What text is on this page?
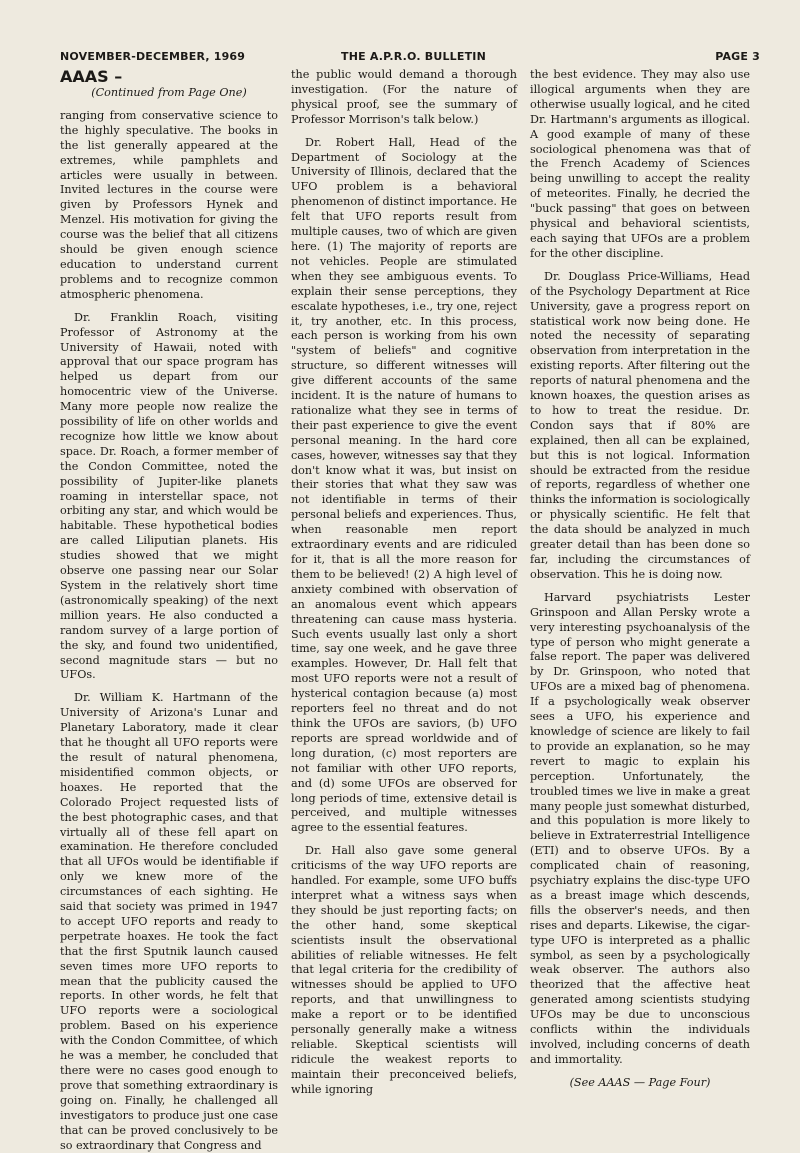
NOVEMBER-DECEMBER, 1969	THE A.P.R.O. BULLETIN	PAGE 3
AAAS –

(Continued from Page One)

ranging from conservative science to the highly speculative. The books in the list generally appeared at the extremes, while pamphlets and articles were usually in between. Invited lectures in the course were given by Professors Hynek and Menzel. His motivation for giving the course was the belief that all citizens should be given enough science education to understand current problems and to recognize common atmospheric phenomena.

Dr. Franklin Roach, visiting Professor of Astronomy at the University of Hawaii, noted with approval that our space program has helped us depart from our homocentric view of the Universe. Many more people now realize the possibility of life on other worlds and recognize how little we know about space. Dr. Roach, a former member of the Condon Committee, noted the possibility of Jupiter-like planets roaming in interstellar space, not orbiting any star, and which would be habitable. These hypothetical bodies are called Liliputian planets. His studies showed that we might observe one passing near our Solar System in the relatively short time (astronomically speaking) of the next million years. He also conducted a random survey of a large portion of the sky, and found two unidentified, second magnitude stars — but no UFOs.

Dr. William K. Hartmann of the University of Arizona's Lunar and Planetary Laboratory, made it clear that he thought all UFO reports were the result of natural phenomena, misidentified common objects, or hoaxes. He reported that the Colorado Project requested lists of the best photographic cases, and that virtually all of these fell apart on examination. He therefore concluded that all UFOs would be identifiable if only we knew more of the circumstances of each sighting. He said that society was primed in 1947 to accept UFO reports and ready to perpetrate hoaxes. He took the fact that the first Sputnik launch caused seven times more UFO reports to mean that the publicity caused the reports. In other words, he felt that UFO reports were a sociological problem. Based on his experience with the Condon Committee, of which he was a member, he concluded that there were no cases good enough to prove that something extraordinary is going on. Finally, he challenged all investigators to produce just one case that can be proved conclusively to be so extraordinary that Congress and

the public would demand a thorough investigation. (For the nature of physical proof, see the summary of Professor Morrison's talk below.)

Dr. Robert Hall, Head of the Department of Sociology at the University of Illinois, declared that the UFO problem is a behavioral phenomenon of distinct importance. He felt that UFO reports result from multiple causes, two of which are given here. (1) The majority of reports are not vehicles. People are stimulated when they see ambiguous events. To explain their sense perceptions, they escalate hypotheses, i.e., try one, reject it, try another, etc. In this process, each person is working from his own "system of beliefs" and cognitive structure, so different witnesses will give different accounts of the same incident. It is the nature of humans to rationalize what they see in terms of their past experience to give the event personal meaning. In the hard core cases, however, witnesses say that they don't know what it was, but insist on their stories that what they saw was not identifiable in terms of their personal beliefs and experiences. Thus, when reasonable men report extraordinary events and are ridiculed for it, that is all the more reason for them to be believed! (2) A high level of anxiety combined with observation of an anomalous event which appears threatening can cause mass hysteria. Such events usually last only a short time, say one week, and he gave three examples. However, Dr. Hall felt that most UFO reports were not a result of hysterical contagion because (a) most reporters feel no threat and do not think the UFOs are saviors, (b) UFO reports are spread worldwide and of long duration, (c) most reporters are not familiar with other UFO reports, and (d) some UFOs are observed for long periods of time, extensive detail is perceived, and multiple witnesses agree to the essential features.

Dr. Hall also gave some general criticisms of the way UFO reports are handled. For example, some UFO buffs interpret what a witness says when they should be just reporting facts; on the other hand, some skeptical scientists insult the observational abilities of reliable witnesses. He felt that legal criteria for the credibility of witnesses should be applied to UFO reports, and that unwillingness to make a report or to be identified personally generally make a witness reliable. Skeptical scientists will ridicule the weakest reports to maintain their preconceived beliefs, while ignoring

the best evidence. They may also use illogical arguments when they are otherwise usually logical, and he cited Dr. Hartmann's arguments as illogical. A good example of many of these sociological phenomena was that of the French Academy of Sciences being unwilling to accept the reality of meteorites. Finally, he decried the "buck passing" that goes on between physical and behavioral scientists, each saying that UFOs are a problem for the other discipline.

Dr. Douglass Price-Williams, Head of the Psychology Department at Rice University, gave a progress report on statistical work now being done. He noted the necessity of separating observation from interpretation in the existing reports. After filtering out the reports of natural phenomena and the known hoaxes, the question arises as to how to treat the residue. Dr. Condon says that if 80% are explained, then all can be explained, but this is not logical. Information should be extracted from the residue of reports, regardless of whether one thinks the information is sociologically or physically scientific. He felt that the data should be analyzed in much greater detail than has been done so far, including the circumstances of observation. This he is doing now.

Harvard psychiatrists Lester Grinspoon and Allan Persky wrote a very interesting psychoanalysis of the type of person who might generate a false report. The paper was delivered by Dr. Grinspoon, who noted that UFOs are a mixed bag of phenomena. If a psychologically weak observer sees a UFO, his experience and knowledge of science are likely to fail to provide an explanation, so he may revert to magic to explain his perception. Unfortunately, the troubled times we live in make a great many people just somewhat disturbed, and this population is more likely to believe in Extraterrestrial Intelligence (ETI) and to observe UFOs. By a complicated chain of reasoning, psychiatry explains the disc-type UFO as a breast image which descends, fills the observer's needs, and then rises and departs. Likewise, the cigar-type UFO is interpreted as a phallic symbol, as seen by a psychologically weak observer. The authors also theorized that the affective heat generated among scientists studying UFOs may be due to unconscious conflicts within the individuals involved, including concerns of death and immortality.

(See AAAS — Page Four)
